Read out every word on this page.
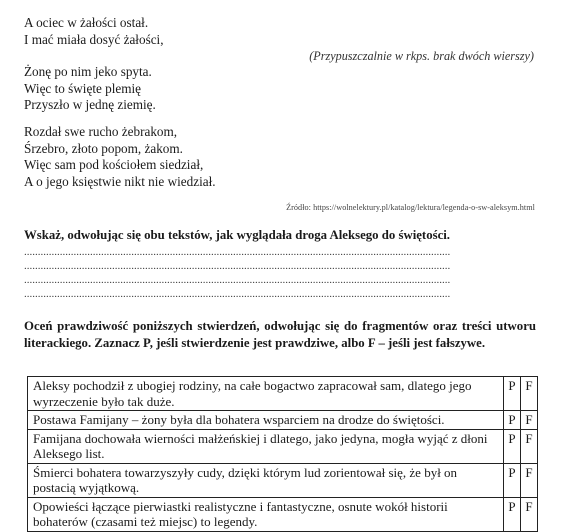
A ociec w żałości ostał.
I mać miała dosyć żałości,
(Przypuszczalnie w rkps. brak dwóch wierszy)
Żonę po nim jeko spyta.
Więc to święte plemię
Przyszło w jednę ziemię.
Rozdał swe rucho żebrakom,
Śrzebro, złoto popom, żakom.
Więc sam pod kościołem siedział,
A o jego księstwie nikt nie wiedział.
Źródło: https://wolnelektury.pl/katalog/lektura/legenda-o-sw-aleksym.html
Wskaż, odwołując się obu tekstów, jak wyglądała droga Aleksego do świętości.
...........................................................................................................................................................
...........................................................................................................................................................
...........................................................................................................................................................
...........................................................................................................................................................
Oceń prawdziwość poniższych stwierdzeń, odwołując się do fragmentów oraz treści utworu literackiego. Zaznacz P, jeśli stwierdzenie jest prawdziwe, albo F – jeśli jest fałszywe.
Aleksy pochodził z ubogiej rodziny, na całe bogactwo zapracował sam, dlatego jego wyrzeczenie było tak duże.	P	F
Postawa Famijany – żony była dla bohatera wsparciem na drodze do świętości.	P	F
Famijana dochowała wierności małżeńskiej i dlatego, jako jedyna, mogła wyjąć z dłoni Aleksego list.	P	F
Śmierci bohatera towarzyszyły cudy, dzięki którym lud zorientował się, że był on postacią wyjątkową.	P	F
Opowieści łączące pierwiastki realistyczne i fantastyczne, osnute wokół historii bohaterów (czasami też miejsc) to legendy.	P	F
